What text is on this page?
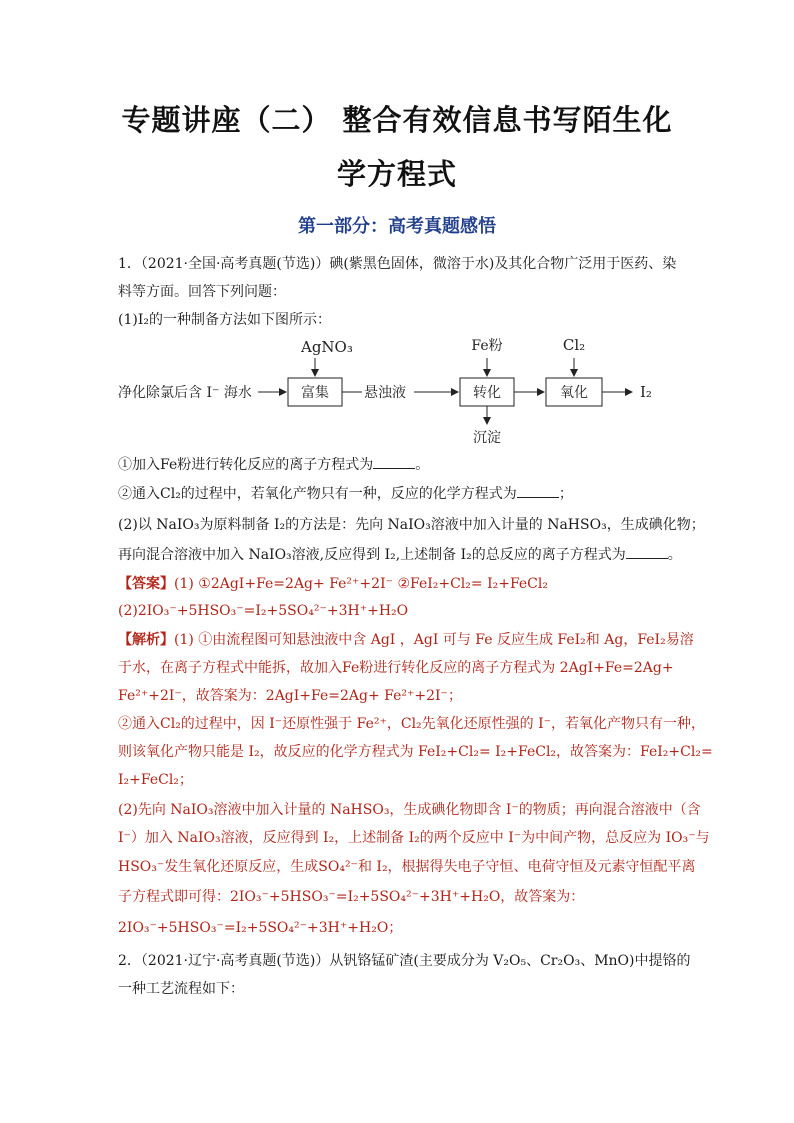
专题讲座（二） 整合有效信息书写陌生化
学方程式
第一部分：高考真题感悟
1．（2021·全国·高考真题(节选)）碘(紫黑色固体，微溶于水)及其化合物广泛用于医药、染
料等方面。回答下列问题：
(1)I₂的一种制备方法如下图所示：
净化除氯后含 I⁻ 海水	富集
AgNO₃
悬浊液	转化
Fe粉
沉淀
氧化
Cl₂
I₂
①加入Fe粉进行转化反应的离子方程式为	。
②通入Cl₂的过程中，若氧化产物只有一种，反应的化学方程式为	；
(2)以 NaIO₃为原料制备 I₂的方法是：先向 NaIO₃溶液中加入计量的 NaHSO₃，生成碘化物；
再向混合溶液中加入 NaIO₃溶液,反应得到 I₂,上述制备 I₂的总反应的离子方程式为	。
【答案】(1) ①2AgI+Fe=2Ag+ Fe²⁺+2I⁻ ②FeI₂+Cl₂= I₂+FeCl₂
(2)2IO₃⁻+5HSO₃⁻=I₂+5SO₄²⁻+3H⁺+H₂O
【解析】(1) ①由流程图可知悬浊液中含 AgI ，AgI 可与 Fe 反应生成 FeI₂和 Ag，FeI₂易溶
于水，在离子方程式中能拆，故加入Fe粉进行转化反应的离子方程式为 2AgI+Fe=2Ag+
Fe²⁺+2I⁻，故答案为：2AgI+Fe=2Ag+ Fe²⁺+2I⁻；
②通入Cl₂的过程中，因 I⁻还原性强于 Fe²⁺，Cl₂先氧化还原性强的 I⁻，若氧化产物只有一种，
则该氧化产物只能是 I₂，故反应的化学方程式为 FeI₂+Cl₂= I₂+FeCl₂，故答案为：FeI₂+Cl₂=
I₂+FeCl₂；
(2)先向 NaIO₃溶液中加入计量的 NaHSO₃，生成碘化物即含 I⁻的物质；再向混合溶液中（含
I⁻）加入 NaIO₃溶液，反应得到 I₂，上述制备 I₂的两个反应中 I⁻为中间产物，总反应为 IO₃⁻与
HSO₃⁻发生氧化还原反应，生成SO₄²⁻和 I₂，根据得失电子守恒、电荷守恒及元素守恒配平离
子方程式即可得：2IO₃⁻+5HSO₃⁻=I₂+5SO₄²⁻+3H⁺+H₂O，故答案为：
2IO₃⁻+5HSO₃⁻=I₂+5SO₄²⁻+3H⁺+H₂O；
2．（2021·辽宁·高考真题(节选)）从钒铬锰矿渣(主要成分为 V₂O₅、Cr₂O₃、MnO)中提铬的
一种工艺流程如下：
